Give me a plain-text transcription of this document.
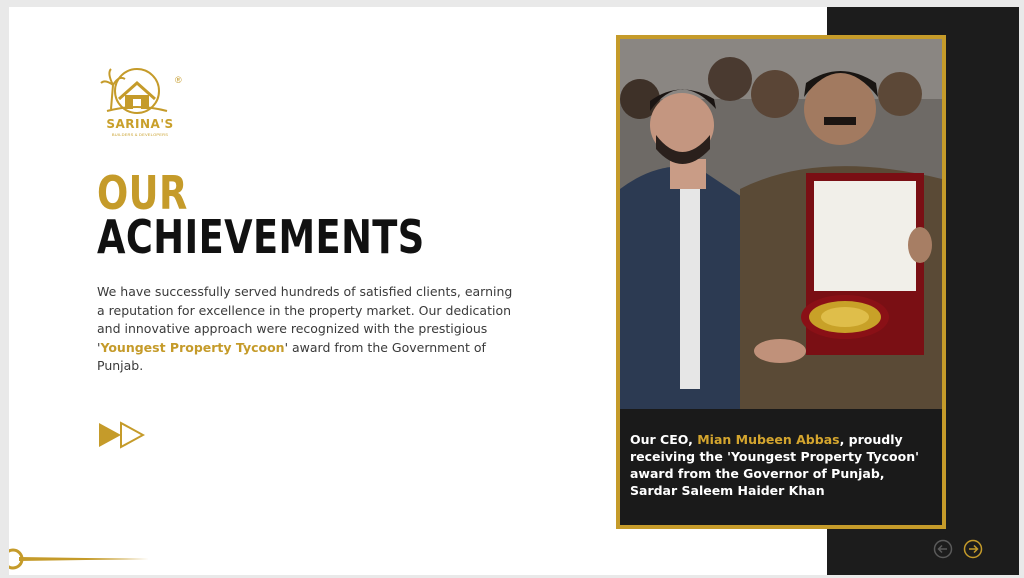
®
SARINA'S
BUILDERS & DEVELOPERS
OUR
ACHIEVEMENTS
We have successfully served hundreds of satisfied clients, earning a reputation for excellence in the property market. Our dedication and innovative approach were recognized with the prestigious 'Youngest Property Tycoon' award from the Government of Punjab.
Our CEO, Mian Mubeen Abbas, proudly receiving the 'Youngest Property Tycoon' award from the Governor of Punjab, Sardar Saleem Haider Khan
